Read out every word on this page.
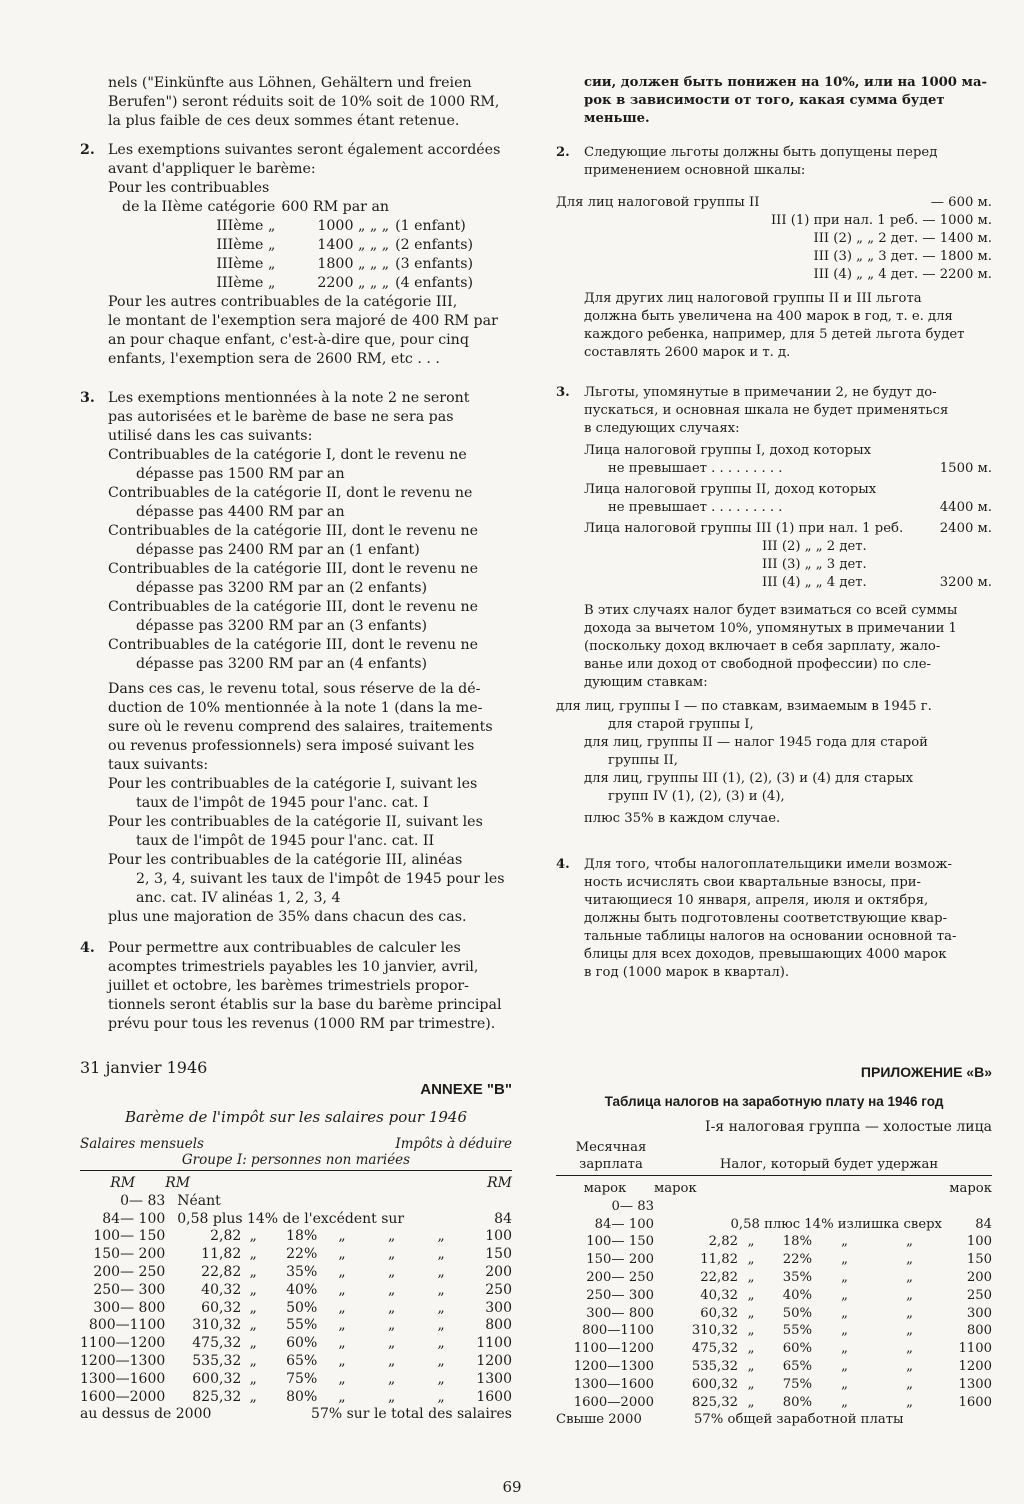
nels ("Einkünfte aus Löhnen, Gehältern und freien

Berufen") seront réduits soit de 10% soit de 1000 RM,

la plus faible de ces deux sommes étant retenue.

2. Les exemptions suivantes seront également accordées

avant d'appliquer le barème:

Pour les contribuables

de la IIème catégorie	600 RM par an	
IIIème „	1000 „ „ „	(1 enfant)
IIIème „	1400 „ „ „	(2 enfants)
IIIème „	1800 „ „ „	(3 enfants)
IIIème „	2200 „ „ „	(4 enfants)

Pour les autres contribuables de la catégorie III,

le montant de l'exemption sera majoré de 400 RM par

an pour chaque enfant, c'est-à-dire que, pour cinq

enfants, l'exemption sera de 2600 RM, etc . . .

3. Les exemptions mentionnées à la note 2 ne seront

pas autorisées et le barème de base ne sera pas

utilisé dans les cas suivants:

Contribuables de la catégorie I, dont le revenu ne

dépasse pas 1500 RM par an

Contribuables de la catégorie II, dont le revenu ne

dépasse pas 4400 RM par an

Contribuables de la catégorie III, dont le revenu ne

dépasse pas 2400 RM par an (1 enfant)

Contribuables de la catégorie III, dont le revenu ne

dépasse pas 3200 RM par an (2 enfants)

Contribuables de la catégorie III, dont le revenu ne

dépasse pas 3200 RM par an (3 enfants)

Contribuables de la catégorie III, dont le revenu ne

dépasse pas 3200 RM par an (4 enfants)

Dans ces cas, le revenu total, sous réserve de la dé-

duction de 10% mentionnée à la note 1 (dans la me-

sure où le revenu comprend des salaires, traitements

ou revenus professionnels) sera imposé suivant les

taux suivants:

Pour les contribuables de la catégorie I, suivant les

taux de l'impôt de 1945 pour l'anc. cat. I

Pour les contribuables de la catégorie II, suivant les

taux de l'impôt de 1945 pour l'anc. cat. II

Pour les contribuables de la catégorie III, alinéas

2, 3, 4, suivant les taux de l'impôt de 1945 pour les

anc. cat. IV alinéas 1, 2, 3, 4

plus une majoration de 35% dans chacun des cas.

4. Pour permettre aux contribuables de calculer les

acomptes trimestriels payables les 10 janvier, avril,

juillet et octobre, les barèmes trimestriels propor-

tionnels seront établis sur la base du barème principal

prévu pour tous les revenus (1000 RM par trimestre).

31 janvier 1946

ANNEXE "B"

Barème de l'impôt sur les salaires pour 1946

Salaires mensuels	Impôts à déduire

Groupe I: personnes non mariées

RM	RM						RM
0— 83	Néant						
84— 100	0,58 plus 14% de l'excédent sur						84
100— 150	2,82	„	18%	„	„	„	100
150— 200	11,82	„	22%	„	„	„	150
200— 250	22,82	„	35%	„	„	„	200
250— 300	40,32	„	40%	„	„	„	250
300— 800	60,32	„	50%	„	„	„	300
800—1100	310,32	„	55%	„	„	„	800
1100—1200	475,32	„	60%	„	„	„	1100
1200—1300	535,32	„	65%	„	„	„	1200
1300—1600	600,32	„	75%	„	„	„	1300
1600—2000	825,32	„	80%	„	„	„	1600
au dessus de 2000		57% sur le total des salaires					

сии, должен быть понижен на 10%, или на 1000 ма-

рок в зависимости от того, какая сумма будет меньше.

2. Следующие льготы должны быть допущены перед

применением основной шкалы:

Для лиц налоговой группы II	— 600 м.

III (1) при нал. 1 реб. — 1000 м.

III (2) „ „ 2 дет. — 1400 м.

III (3) „ „ 3 дет. — 1800 м.

III (4) „ „ 4 дет. — 2200 м.

Для других лиц налоговой группы II и III льгота

должна быть увеличена на 400 марок в год, т. е. для

каждого ребенка, например, для 5 детей льгота будет

составлять 2600 марок и т. д.

3. Льготы, упомянутые в примечании 2, не будут до-

пускаться, и основная шкала не будет применяться

в следующих случаях:

Лица налоговой группы I, доход которых

не превышает . . . . . . . . .	1500 м.

Лица налоговой группы II, доход которых

не превышает . . . . . . . . .	4400 м.
Лица налоговой группы III (1) при нал. 1 реб.	2400 м.
III (2) „ „ 2 дет.
III (3) „ „ 3 дет.
III (4) „ „ 4 дет.	3200 м.

В этих случаях налог будет взиматься со всей суммы

дохода за вычетом 10%, упомянутых в примечании 1

(поскольку доход включает в себя зарплату, жало-

ванье или доход от свободной профессии) по сле-

дующим ставкам:

для лиц, группы I — по ставкам, взимаемым в 1945 г.

для старой группы I,

для лиц, группы II — налог 1945 года для старой

группы II,

для лиц, группы III (1), (2), (3) и (4) для старых

групп IV (1), (2), (3) и (4),

плюс 35% в каждом случае.

4. Для того, чтобы налогоплательщики имели возмож-

ность исчислять свои квартальные взносы, при-

читающиеся 10 января, апреля, июля и октября,

должны быть подготовлены соответствующие квар-

тальные таблицы налогов на основании основной та-

блицы для всех доходов, превышающих 4000 марок

в год (1000 марок в квартал).

ПРИЛОЖЕНИЕ «В»

Таблица налогов на заработную плату на 1946 год

I-я налоговая группа — холостые лица

Месячная

зарплата	Налог, который будет удержан
марок	марок					марок
0— 83						
84— 100	0,58 плюс 14% излишка сверх					84
100— 150	2,82	„	18%	„	„	100
150— 200	11,82	„	22%	„	„	150
200— 250	22,82	„	35%	„	„	200
250— 300	40,32	„	40%	„	„	250
300— 800	60,32	„	50%	„	„	300
800—1100	310,32	„	55%	„	„	800
1100—1200	475,32	„	60%	„	„	1100
1200—1300	535,32	„	65%	„	„	1200
1300—1600	600,32	„	75%	„	„	1300
1600—2000	825,32	„	80%	„	„	1600
Свыше 2000	57% общей заработной платы					
69
